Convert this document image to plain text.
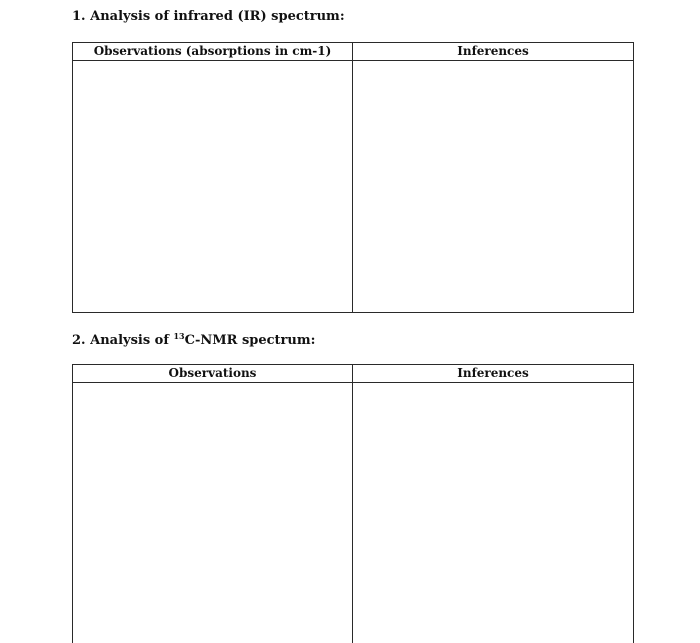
1. Analysis of infrared (IR) spectrum:

Observations (absorptions in cm-1)	Inferences

2. Analysis of $^{13}$C-NMR spectrum:

Observations	Inferences
